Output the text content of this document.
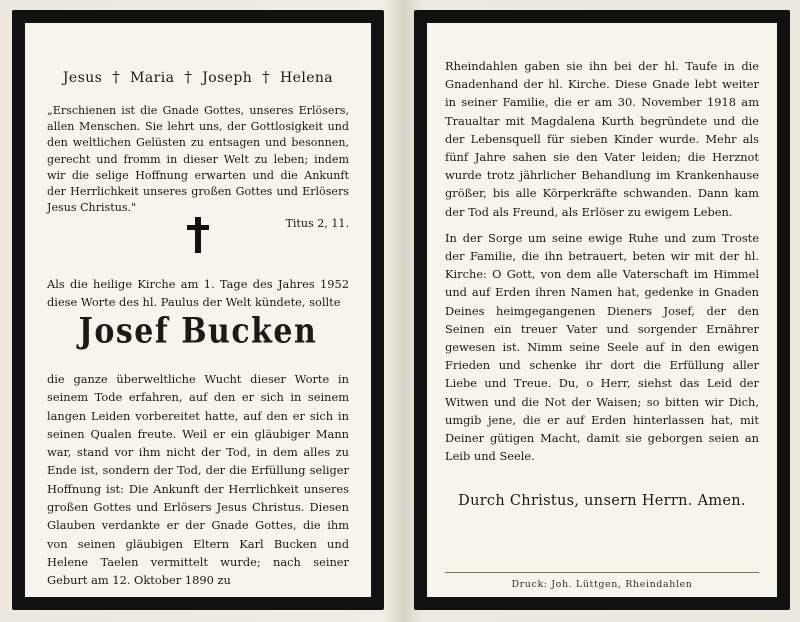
Jesus † Maria † Joseph † Helena
„Erschienen ist die Gnade Gottes, unseres Erlösers, allen Menschen. Sie lehrt uns, der Gottlosigkeit und den weltlichen Gelüsten zu entsagen und besonnen, gerecht und fromm in dieser Welt zu leben; indem wir die selige Hoffnung erwarten und die Ankunft der Herrlichkeit unseres großen Gottes und Erlösers Jesus Christus."
Titus 2, 11.
Als die heilige Kirche am 1. Tage des Jahres 1952 diese Worte des hl. Paulus der Welt kündete, sollte
Josef Bucken
die ganze überweltliche Wucht dieser Worte in seinem Tode erfahren, auf den er sich in seinem langen Leiden vorbereitet hatte, auf den er sich in seinen Qualen freute. Weil er ein gläubiger Mann war, stand vor ihm nicht der Tod, in dem alles zu Ende ist, sondern der Tod, der die Erfüllung seliger Hoffnung ist: Die Ankunft der Herrlichkeit unseres großen Gottes und Erlösers Jesus Christus. Diesen Glauben verdankte er der Gnade Gottes, die ihm von seinen gläubigen Eltern Karl Bucken und Helene Taelen vermittelt wurde; nach seiner Geburt am 12. Oktober 1890 zu

Rheindahlen gaben sie ihn bei der hl. Taufe in die Gnadenhand der hl. Kirche. Diese Gnade lebt weiter in seiner Familie, die er am 30. November 1918 am Traualtar mit Magdalena Kurth begründete und die der Lebensquell für sieben Kinder wurde. Mehr als fünf Jahre sahen sie den Vater leiden; die Herznot wurde trotz jährlicher Behandlung im Krankenhause größer, bis alle Körperkräfte schwanden. Dann kam der Tod als Freund, als Erlöser zu ewigem Leben.

In der Sorge um seine ewige Ruhe und zum Troste der Familie, die ihn betrauert, beten wir mit der hl. Kirche: O Gott, von dem alle Vaterschaft im Himmel und auf Erden ihren Namen hat, gedenke in Gnaden Deines heimgegangenen Dieners Josef, der den Seinen ein treuer Vater und sorgender Ernährer gewesen ist. Nimm seine Seele auf in den ewigen Frieden und schenke ihr dort die Erfüllung aller Liebe und Treue. Du, o Herr, siehst das Leid der Witwen und die Not der Waisen; so bitten wir Dich, umgib jene, die er auf Erden hinterlassen hat, mit Deiner gütigen Macht, damit sie geborgen seien an Leib und Seele.

Durch Christus, unsern Herrn. Amen.
Druck: Joh. Lüttgen, Rheindahlen
